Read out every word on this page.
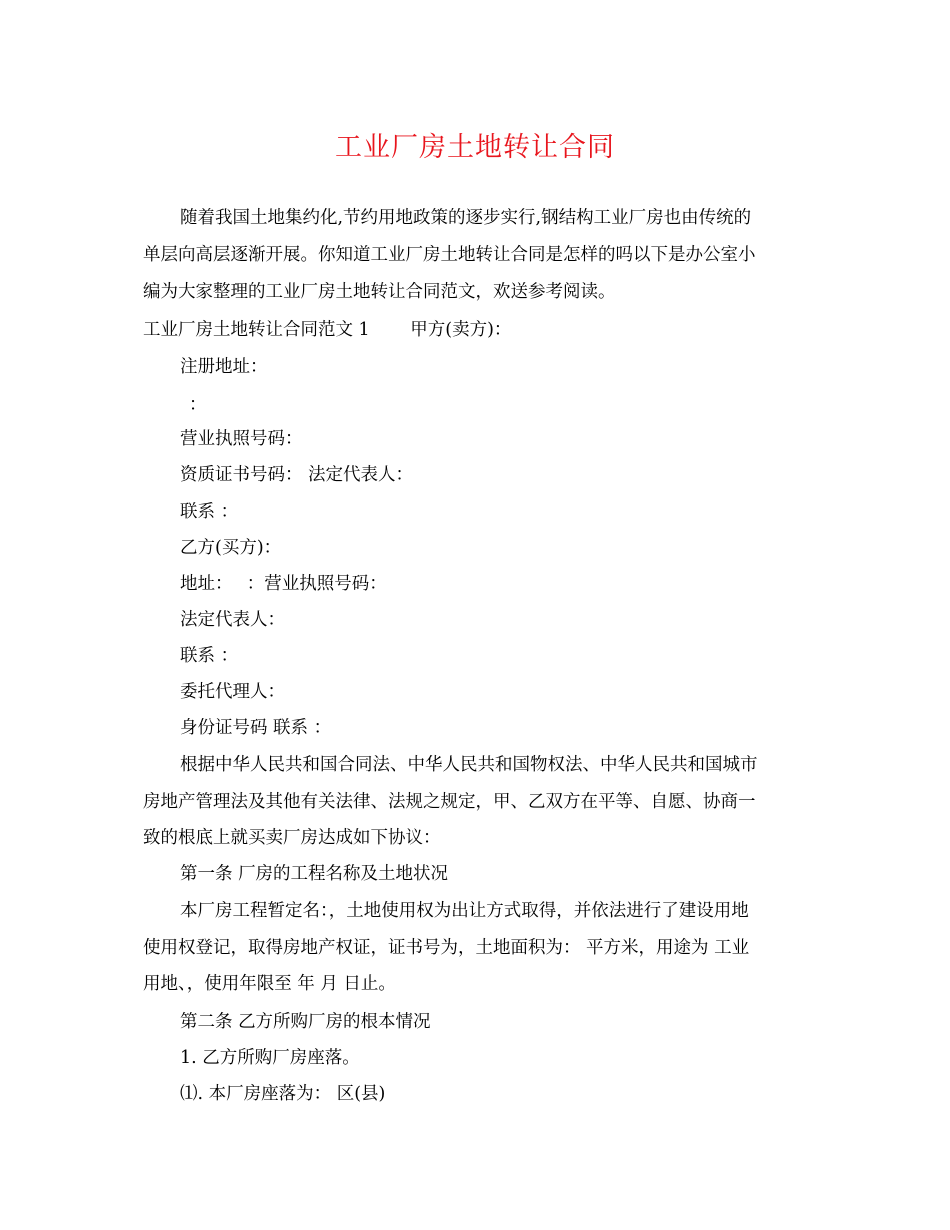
工业厂房土地转让合同
随着我国土地集约化,节约用地政策的逐步实行,钢结构工业厂房也由传统的
单层向高层逐渐开展。你知道工业厂房土地转让合同是怎样的吗以下是办公室小
编为大家整理的工业厂房土地转让合同范文，欢送参考阅读。
工业厂房土地转让合同范文 1　　 甲方(卖方)：
注册地址：
：
营业执照号码：
资质证书号码： 法定代表人：
联系 ：
乙方(买方)：
地址：　 ：营业执照号码：
法定代表人：
联系 ：
委托代理人：
身份证号码 联系 ：
根据中华人民共和国合同法、中华人民共和国物权法、中华人民共和国城市
房地产管理法及其他有关法律、法规之规定，甲、乙双方在平等、自愿、协商一
致的根底上就买卖厂房达成如下协议：
第一条 厂房的工程名称及土地状况
本厂房工程暂定名：，土地使用权为出让方式取得，并依法进行了建设用地
使用权登记，取得房地产权证，证书号为，土地面积为： 平方米，用途为 工业
用地、，使用年限至 年 月 日止。
第二条 乙方所购厂房的根本情况
1. 乙方所购厂房座落。
⑴. 本厂房座落为： 区(县)
